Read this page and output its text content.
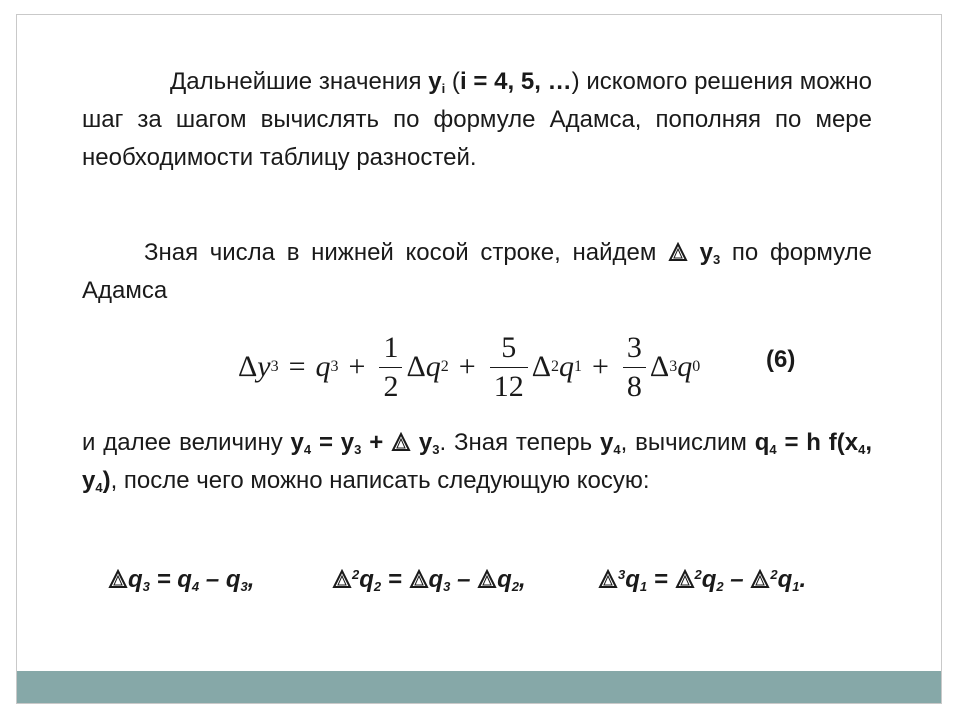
Дальнейшие значения $y_i$ (i = 4, 5, …) искомого решения можно шаг за шагом вычислять по формуле Адамса, пополняя по мере необходимости таблицу разностей.
Зная числа в нижней косой строке, найдем  $y_3$ по формуле Адамса
Δ y 3 = q $3 + \frac{1}{2}$ Δ q $2 + \frac{5}{12}$ Δ 2 q $1 + \frac{3}{8}$ Δ 3 q 0	(6)
и далее величину $y_4 = y_3 + y_3$. Зная теперь $y_4$, вычислим $q_4 = h$ $f(x_4$, $y_4$), после чего можно написать следующую косую:
$q_3 = q_4 - q_3$,	$^2q_2 = q_3 - q_2$,	$^3q_1 = ^2q_2 - ^2q_1$.
